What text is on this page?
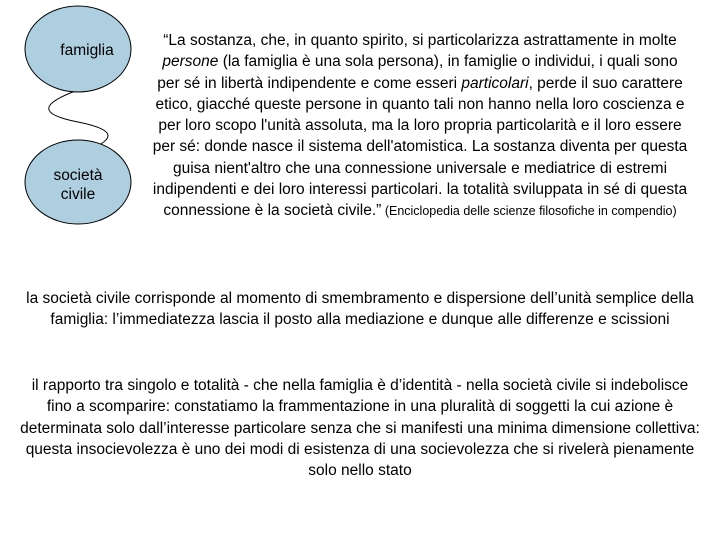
famiglia
società
civile
“La sostanza, che, in quanto spirito, si particolarizza astrattamente in molte persone (la famiglia è una sola persona), in famiglie o individui, i quali sono per sé in libertà indipendente e come esseri particolari, perde il suo carattere etico, giacché queste persone in quanto tali non hanno nella loro coscienza e per loro scopo l'unità assoluta, ma la loro propria particolarità e il loro essere per sé: donde nasce il sistema dell'atomistica. La sostanza diventa per questa guisa nient'altro che una connessione universale e mediatrice di estremi indipendenti e dei loro interessi particolari. la totalità sviluppata in sé di questa connessione è la società civile.” (Enciclopedia delle scienze filosofiche in compendio)
la società civile corrisponde al momento di smembramento e dispersione dell’unità semplice della famiglia: l’immediatezza lascia il posto alla mediazione e dunque alle differenze e scissioni
il rapporto tra singolo e totalità - che nella famiglia è d’identità - nella società civile si indebolisce fino a scomparire: constatiamo la frammentazione in una pluralità di soggetti la cui azione è determinata solo dall’interesse particolare senza che si manifesti una minima dimensione collettiva: questa insocievolezza è uno dei modi di esistenza di una socievolezza che si rivelerà pienamente solo nello stato
